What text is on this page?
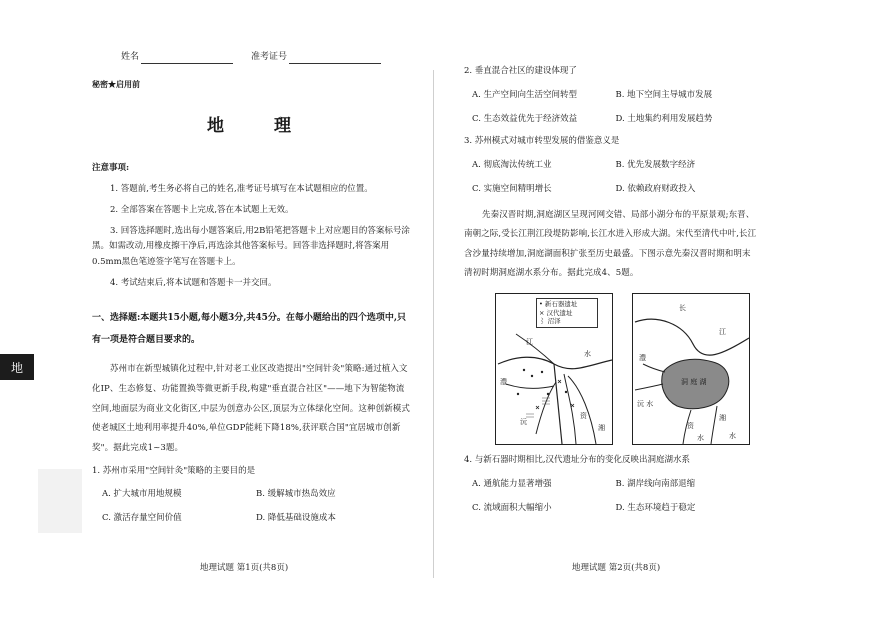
地
姓名	准考证号
秘密★启用前
地 理
注意事项:

1. 答题前,考生务必将自己的姓名,准考证号填写在本试题相应的位置。

2. 全部答案在答题卡上完成,答在本试题上无效。

3. 回答选择题时,选出每小题答案后,用2B铅笔把答题卡上对应题目的答案标号涂黑。如需改动,用橡皮擦干净后,再选涂其他答案标号。回答非选择题时,将答案用0.5mm黑色笔迹签字笔写在答题卡上。

4. 考试结束后,将本试题和答题卡一并交回。

一、选择题:本题共15小题,每小题3分,共45分。在每小题给出的四个选项中,只有一项是符合题目要求的。
苏州市在新型城镇化过程中,针对老工业区改造提出"空间针灸"策略:通过植入文化IP、生态修复、功能置换等微更新手段,构建"垂直混合社区"——地下为智能物流空间,地面层为商业文化街区,中层为创意办公区,顶层为立体绿化空间。这种创新模式使老城区土地利用率提升40%,单位GDP能耗下降18%,获评联合国"宜居城市创新奖"。据此完成1~3题。
1. 苏州市采用"空间针灸"策略的主要目的是
A. 扩大城市用地规模	B. 缓解城市热岛效应
C. 激活存量空间价值	D. 降低基础设施成本
地理试题 第1页(共8页)
2. 垂直混合社区的建设体现了
A. 生产空间向生活空间转型	B. 地下空间主导城市发展
C. 生态效益优先于经济效益	D. 土地集约利用发展趋势
3. 苏州模式对城市转型发展的借鉴意义是
A. 彻底淘汰传统工业	B. 优先发展数字经济
C. 实施空间精明增长	D. 依赖政府财政投入
先秦汉晋时期,洞庭湖区呈现河网交错、局部小湖分布的平原景观;东晋、南朝之际,受长江荆江段堤防影响,长江水进入形成大湖。宋代至清代中叶,长江含沙量持续增加,洞庭湖面积扩张至历史最盛。下图示意先秦汉晋时期和明末清初时期洞庭湖水系分布。据此完成4、5题。
• 新石器遗址
× 汉代遗址
⌇ 沼泽
江
水
澧
沅
资
湘
长
江
洞 庭 湖
沅 水
资
湘
澧
水	水
4. 与新石器时期相比,汉代遗址分布的变化反映出洞庭湖水系
A. 通航能力显著增强	B. 湖岸线向南部退缩
C. 流域面积大幅缩小	D. 生态环境趋于稳定
地理试题 第2页(共8页)
